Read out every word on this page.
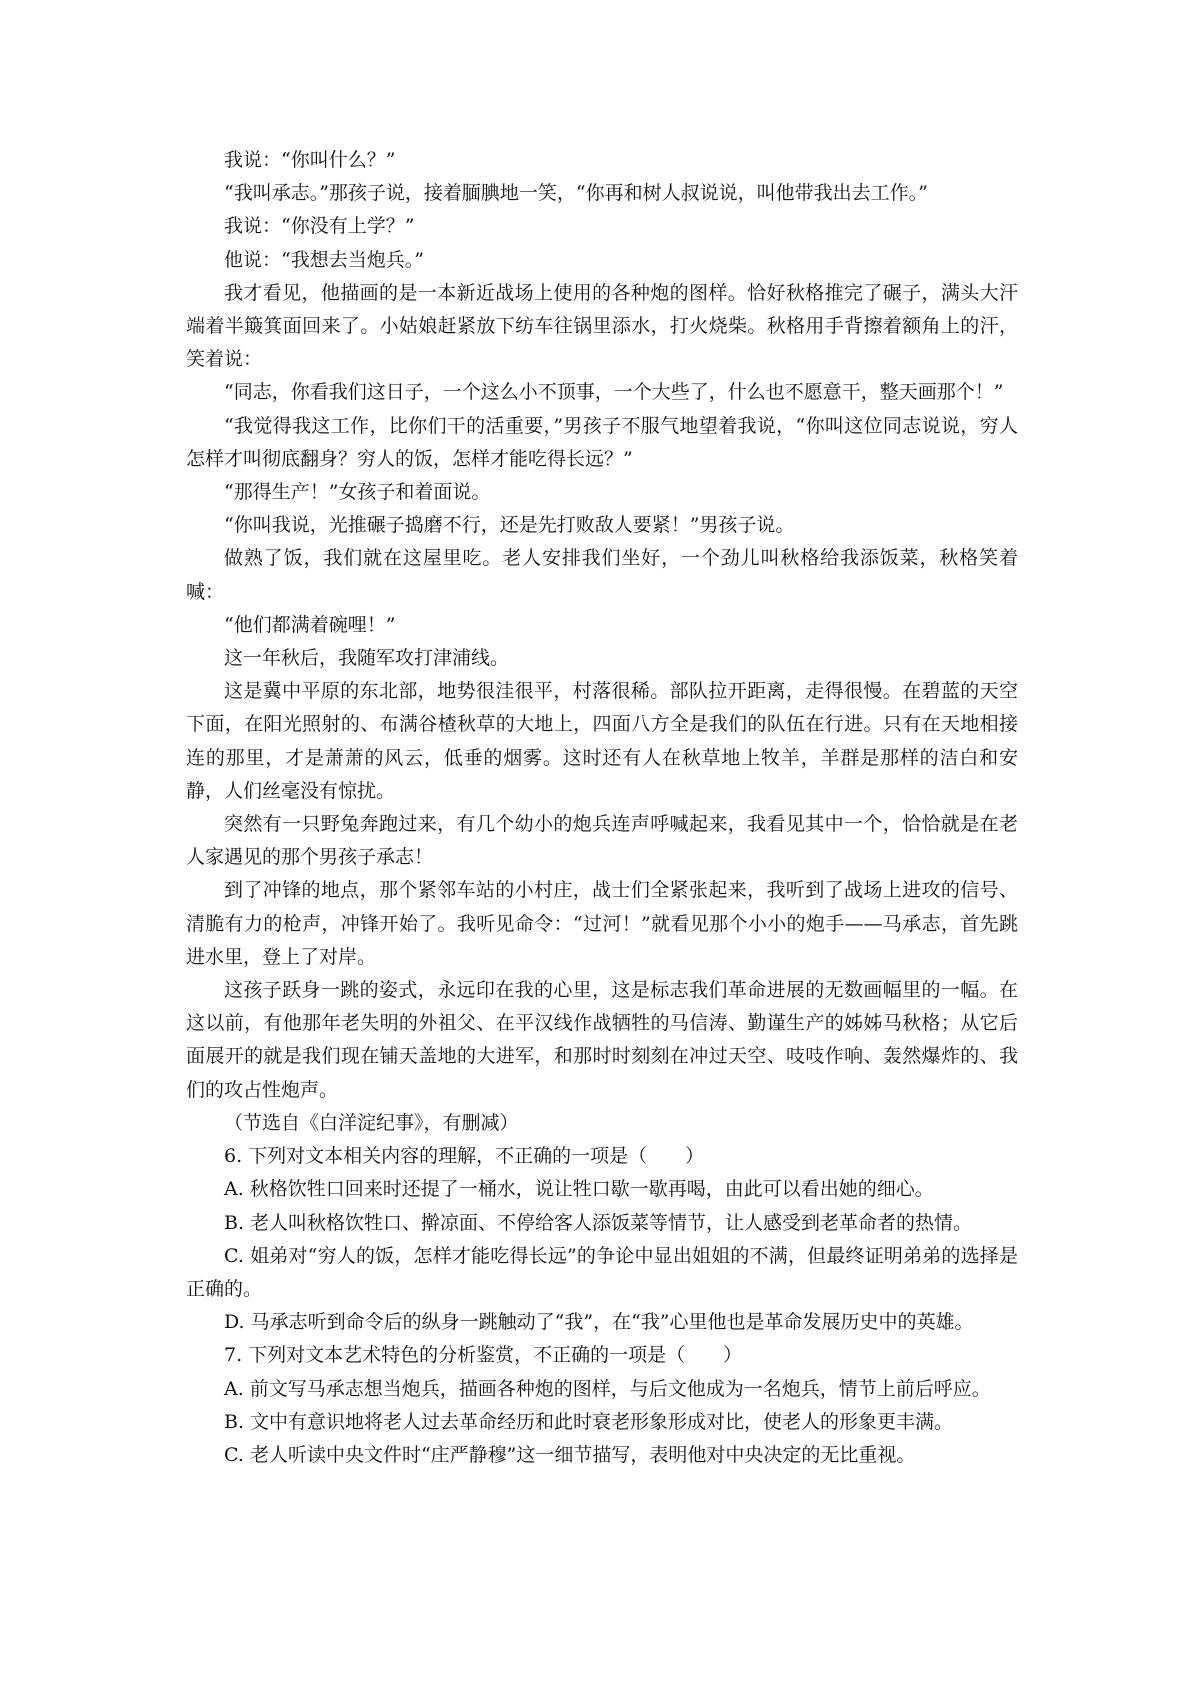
我说：“你叫什么？”

“我叫承志。”那孩子说，接着腼腆地一笑，“你再和树人叔说说，叫他带我出去工作。”

我说：“你没有上学？”

他说：“我想去当炮兵。”

我才看见，他描画的是一本新近战场上使用的各种炮的图样。恰好秋格推完了碾子，满头大汗端着半簸箕面回来了。小姑娘赶紧放下纺车往锅里添水，打火烧柴。秋格用手背擦着额角上的汗，笑着说：

“同志，你看我们这日子，一个这么小不顶事，一个大些了，什么也不愿意干，整天画那个！”

“我觉得我这工作，比你们干的活重要，”男孩子不服气地望着我说，“你叫这位同志说说，穷人怎样才叫彻底翻身？穷人的饭，怎样才能吃得长远？”

“那得生产！”女孩子和着面说。

“你叫我说，光推碾子捣磨不行，还是先打败敌人要紧！”男孩子说。

做熟了饭，我们就在这屋里吃。老人安排我们坐好，一个劲儿叫秋格给我添饭菜，秋格笑着喊：

“他们都满着碗哩！”

这一年秋后，我随军攻打津浦线。

这是冀中平原的东北部，地势很洼很平，村落很稀。部队拉开距离，走得很慢。在碧蓝的天空下面，在阳光照射的、布满谷楂秋草的大地上，四面八方全是我们的队伍在行进。只有在天地相接连的那里，才是萧萧的风云，低垂的烟雾。这时还有人在秋草地上牧羊，羊群是那样的洁白和安静，人们丝毫没有惊扰。

突然有一只野兔奔跑过来，有几个幼小的炮兵连声呼喊起来，我看见其中一个，恰恰就是在老人家遇见的那个男孩子承志！

到了冲锋的地点，那个紧邻车站的小村庄，战士们全紧张起来，我听到了战场上进攻的信号、清脆有力的枪声，冲锋开始了。我听见命令：“过河！”就看见那个小小的炮手——马承志，首先跳进水里，登上了对岸。

这孩子跃身一跳的姿式，永远印在我的心里，这是标志我们革命进展的无数画幅里的一幅。在这以前，有他那年老失明的外祖父、在平汉线作战牺牲的马信涛、勤谨生产的姊姊马秋格；从它后面展开的就是我们现在铺天盖地的大进军，和那时时刻刻在冲过天空、吱吱作响、轰然爆炸的、我们的攻占性炮声。

（节选自《白洋淀纪事》，有删减）

6. 下列对文本相关内容的理解，不正确的一项是（　　）

A. 秋格饮牲口回来时还提了一桶水，说让牲口歇一歇再喝，由此可以看出她的细心。

B. 老人叫秋格饮牲口、擀凉面、不停给客人添饭菜等情节，让人感受到老革命者的热情。

C. 姐弟对“穷人的饭，怎样才能吃得长远”的争论中显出姐姐的不满，但最终证明弟弟的选择是正确的。

D. 马承志听到命令后的纵身一跳触动了“我”，在“我”心里他也是革命发展历史中的英雄。

7. 下列对文本艺术特色的分析鉴赏，不正确的一项是（　　）

A. 前文写马承志想当炮兵，描画各种炮的图样，与后文他成为一名炮兵，情节上前后呼应。

B. 文中有意识地将老人过去革命经历和此时衰老形象形成对比，使老人的形象更丰满。

C. 老人听读中央文件时“庄严静穆”这一细节描写，表明他对中央决定的无比重视。
